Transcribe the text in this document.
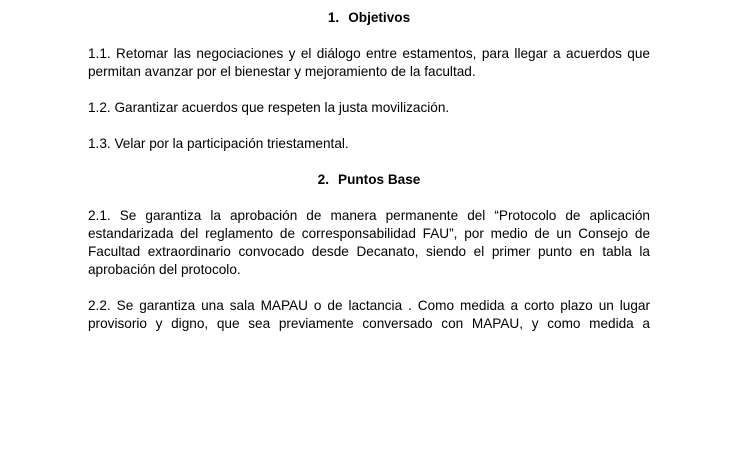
1. Objetivos
1.1. Retomar las negociaciones y el diálogo entre estamentos, para llegar a acuerdos que
permitan avanzar por el bienestar y mejoramiento de la facultad.
1.2. Garantizar acuerdos que respeten la justa movilización.
1.3. Velar por la participación triestamental.
2. Puntos Base
2.1. Se garantiza la aprobación de manera permanente del “Protocolo de aplicación
estandarizada del reglamento de corresponsabilidad FAU”, por medio de un Consejo de
Facultad extraordinario convocado desde Decanato, siendo el primer punto en tabla la
aprobación del protocolo.
2.2. Se garantiza una sala MAPAU o de lactancia . Como medida a corto plazo un lugar
provisorio y digno, que sea previamente conversado con MAPAU, y como medida a
